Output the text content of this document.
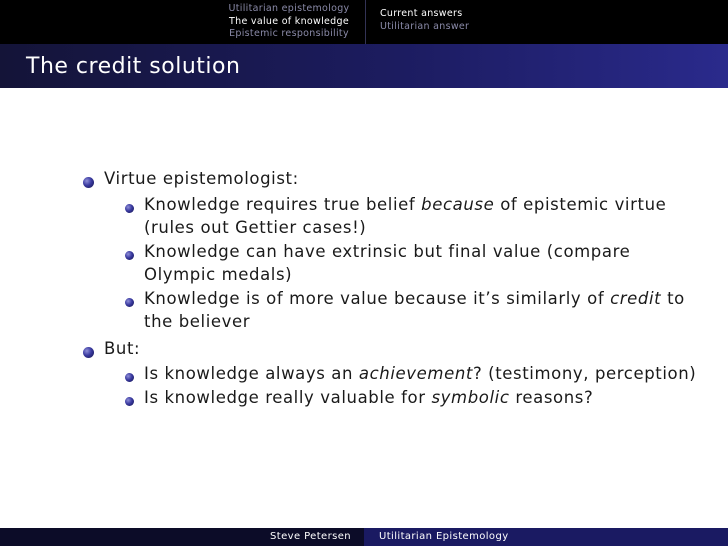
Utilitarian epistemology
The value of knowledge
Epistemic responsibility
Current answers
Utilitarian answer
The credit solution
Virtue epistemologist:
Knowledge requires true belief because of epistemic virtue
(rules out Gettier cases!)
Knowledge can have extrinsic but final value (compare
Olympic medals)
Knowledge is of more value because it’s similarly of credit to
the believer
But:
Is knowledge always an achievement? (testimony, perception)
Is knowledge really valuable for symbolic reasons?
Steve Petersen	Utilitarian Epistemology
